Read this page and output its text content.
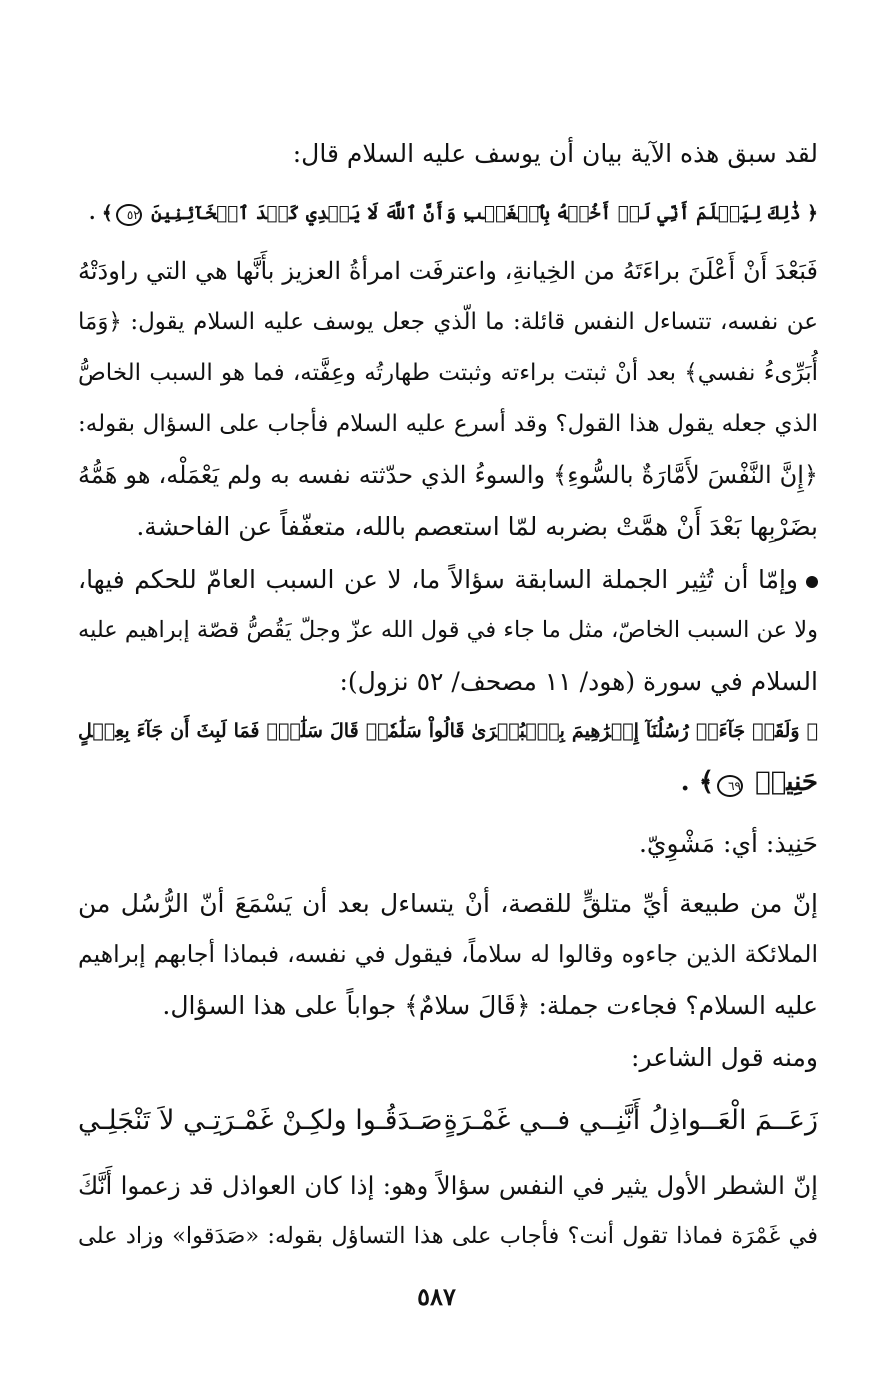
لقد سبق هذه الآية بيان أن يوسف عليه السلام قال:
﴿ ذَٰلِكَ لِيَعۡلَمَ أَنِّي لَمۡ أَخُنۡهُ بِٱلۡغَيۡبِ وَأَنَّ ٱللَّهَ لَا يَهۡدِي كَيۡدَ ٱلۡخَآئِنِينَ ٥٢﴾ .
فَبَعْدَ أَنْ أَعْلَنَ براءَتَهُ من الخِيانةِ، واعترفَت امرأةُ العزيز بأَنَّها هي التي راودَتْهُ
عن نفسه، تتساءل النفس قائلة: ما الّذي جعل يوسف عليه السلام يقول: ﴿وَمَا
أُبَرِّىءُ نفسي﴾ بعد أنْ ثبتت براءته وثبتت طهارتُه وعِفَّته، فما هو السبب الخاصُّ
الذي جعله يقول هذا القول؟ وقد أسرع عليه السلام فأجاب على السؤال بقوله:
﴿إِنَّ النَّفْسَ لأَمَّارَةٌ بالسُّوءِ﴾ والسوءُ الذي حدّثته نفسه به ولم يَعْمَلْه، هو هَمُّهُ
بضَرْبِها بَعْدَ أَنْ همَّتْ بضربه لمّا استعصم بالله، متعفّفاً عن الفاحشة.
وإمّا أن تُثِير الجملة السابقة سؤالاً ما، لا عن السبب العامّ للحكم فيها،
ولا عن السبب الخاصّ، مثل ما جاء في قول الله عزّ وجلّ يَقُصُّ قصّة إبراهيم عليه
السلام في سورة (هود/ ١١ مصحف/ ٥٢ نزول):
﴿ وَلَقَدۡ جَآءَتۡ رُسُلُنَآ إِبۡرَٰهِيمَ بِٱلۡبُشۡرَىٰ قَالُواْ سَلَٰمٗاۖ قَالَ سَلَٰمٞۖ فَمَا لَبِثَ أَن جَآءَ بِعِجۡلٍ
حَنِيذٖ ٦٩﴾ .
حَنِيذ: أي: مَشْوِيّ.
إنّ من طبيعة أيِّ متلقٍّ للقصة، أنْ يتساءل بعد أن يَسْمَعَ أنّ الرُّسُل من
الملائكة الذين جاءوه وقالوا له سلاماً، فيقول في نفسه، فبماذا أجابهم إبراهيم
عليه السلام؟ فجاءت جملة: ﴿قَالَ سلامٌ﴾ جواباً على هذا السؤال.
ومنه قول الشاعر:
زَعَــمَ الْعَــواذِلُ أَنَّنِــي فــي غَمْـرَةٍ
صَـدَقُـوا ولكِـنْ غَمْـرَتِـي لاَ تَنْجَلِـي
إنّ الشطر الأول يثير في النفس سؤالاً وهو: إذا كان العواذل قد زعموا أَنَّكَ
في غَمْرَة فماذا تقول أنت؟ فأجاب على هذا التساؤل بقوله: «صَدَقوا» وزاد على
٥٨٧
